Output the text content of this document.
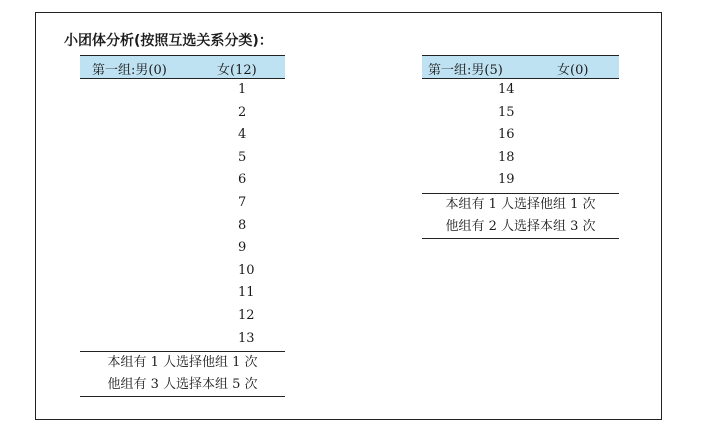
小团体分析(按照互选关系分类)：
第一组:男(0)	女(12)
1
2
4
5
6
7
8
9
10
11
12
13
本组有 1 人选择他组 1 次
他组有 3 人选择本组 5 次
第一组:男(5)	女(0)
14
15
16
18
19
本组有 1 人选择他组 1 次
他组有 2 人选择本组 3 次
